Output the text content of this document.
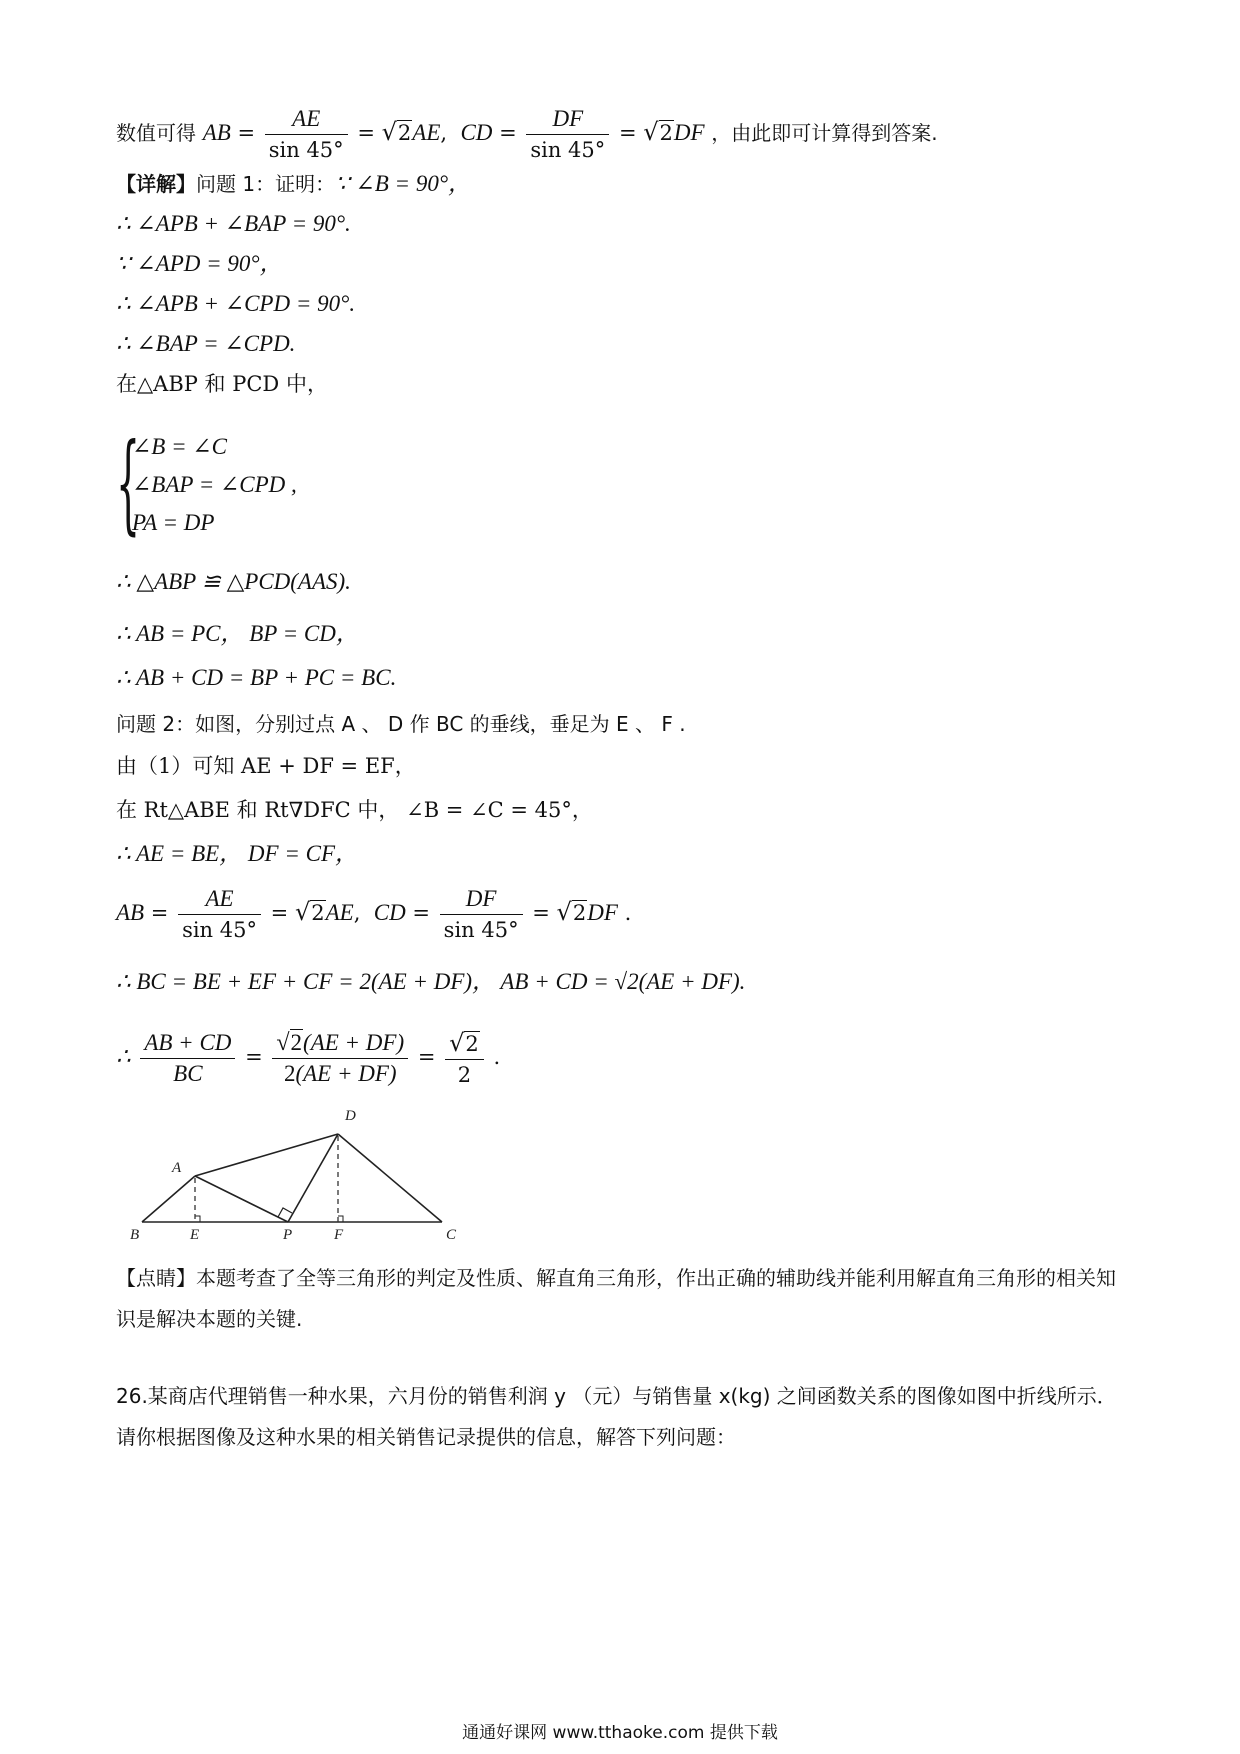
数值可得 AB = $\frac{AE}{\sin 45^\circ} = √2AE$,  CD = $\frac{DF}{\sin 45^\circ} = √2DF$ ，由此即可计算得到答案.
【详解】问题 1：证明：∵ ∠B = 90°，
∴ ∠APB + ∠BAP = 90°.
∵ ∠APD = 90°，
∴ ∠APB + ∠CPD = 90°.
∴ ∠BAP = ∠CPD.
在△ABP 和 PCD 中，
{
∠B = ∠C
∠BAP = ∠CPD ,
PA = DP
∴ △ABP ≌ △PCD(AAS).
∴ AB = PC， BP = CD，
∴ AB + CD = BP + PC = BC.
问题 2：如图，分别过点 A 、 D 作 BC 的垂线，垂足为 E 、 F .
由（1）可知 AE + DF = EF，
在 Rt△ABE 和 Rt∇DFC 中， ∠B = ∠C = 45°，
∴ AE = BE， DF = CF，
AB = $\frac{AE}{\sin 45^\circ} = √2AE$,  CD = $\frac{DF}{\sin 45^\circ} = √2DF$ .
∴ BC = BE + EF + CF = 2(AE + DF)， AB + CD = √2(AE + DF).
∴ $\frac{AB + CD}{BC} = \frac{√2(AE + DF)}{2(AE + DF)} = \frac{√2}{2}$ .
D
A
B	E	P	F	C
【点睛】本题考查了全等三角形的判定及性质、解直角三角形，作出正确的辅助线并能利用解直角三角形的相关知识是解决本题的关键.
26.某商店代理销售一种水果，六月份的销售利润 y （元）与销售量 x(kg) 之间函数关系的图像如图中折线所示．请你根据图像及这种水果的相关销售记录提供的信息，解答下列问题：
通通好课网 www.tthaoke.com 提供下载
